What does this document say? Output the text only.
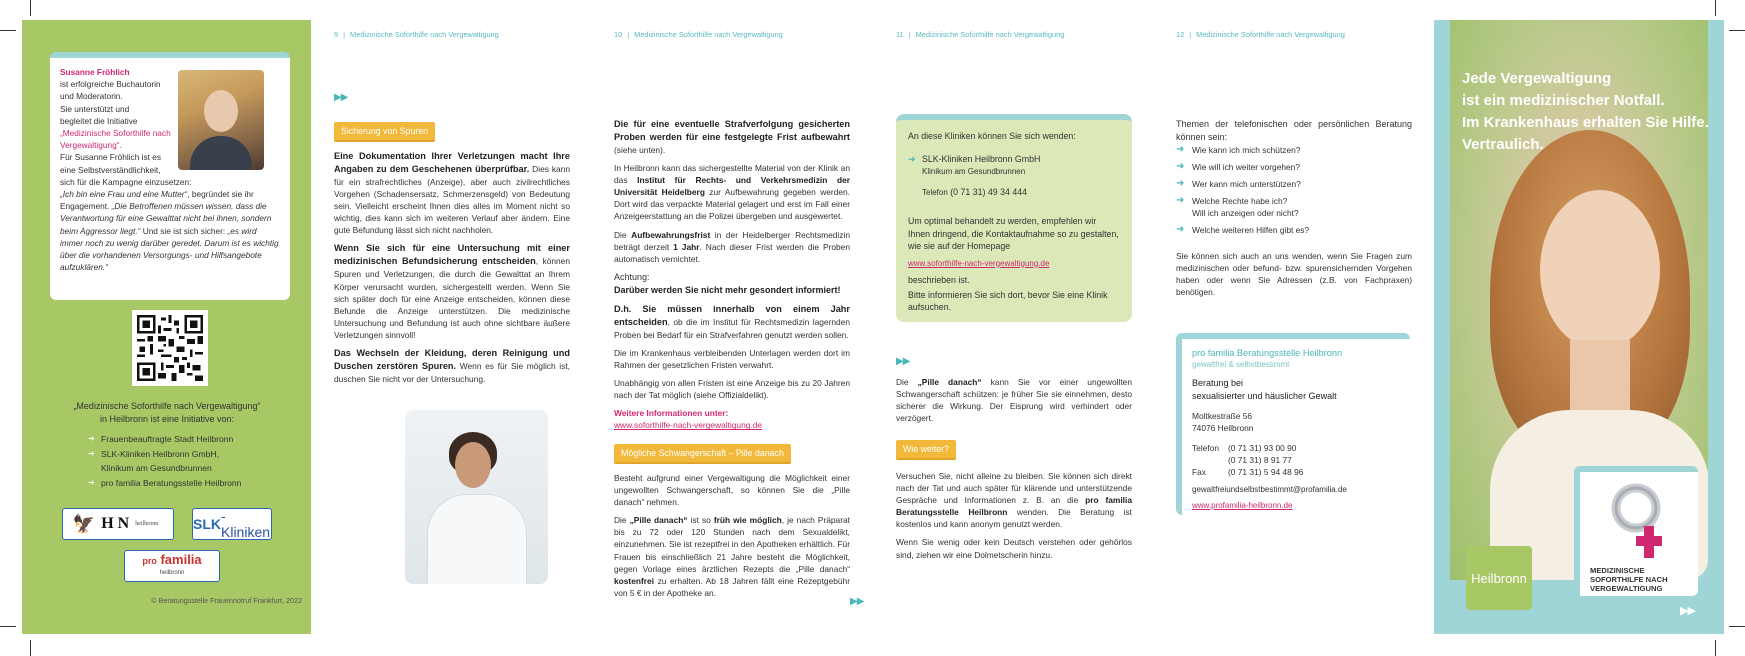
Susanne Fröhlich
ist erfolgreiche Buchautorin
und Moderatorin.
Sie unterstützt und
begleitet die Initiative
„Medizinische Soforthilfe nach Vergewaltigung“.
Für Susanne Fröhlich ist es
eine Selbstverständlichkeit,
sich für die Kampagne einzusetzen:
„Ich bin eine Frau und eine Mutter“, begründet sie ihr Engagement. „Die Betroffenen müssen wissen, dass die Verantwortung für eine Gewalttat nicht bei ihnen, sondern beim Aggressor liegt.“ Und sie ist sich sicher: „es wird immer noch zu wenig darüber geredet. Darum ist es wichtig über die vorhandenen Versorgungs- und Hilfsangebote aufzuklären.“
„Medizinische Soforthilfe nach Vergewaltigung“
in Heilbronn ist eine Initiative von:
➜ Frauenbeauftragte Stadt Heilbronn
➜ SLK-Kliniken Heilbronn GmbH,
Klinikum am Gesundbrunnen
➜ pro familia Beratungsstelle Heilbronn
🦅 H N heilbronn	SLK -Kliniken
pro familia
heilbronn
© Beratungsstelle Frauennotruf Frankfurt, 2022
9 | Medizinische Soforthilfe nach Vergewaltigung
▶▶
Sicherung von Spuren

Eine Dokumentation Ihrer Verletzungen macht Ihre Angaben zu dem Geschehenen überprüfbar. Dies kann für ein strafrechtliches (Anzeige), aber auch zivilrechtliches Vorgehen (Schadensersatz, Schmerzensgeld) von Bedeutung sein. Vielleicht erscheint Ihnen dies alles im Moment nicht so wichtig, dies kann sich im weiteren Verlauf aber ändern. Eine gute Befundung lässt sich nicht nachholen.

Wenn Sie sich für eine Untersuchung mit einer medizinischen Befundsicherung entscheiden, können Spuren und Verletzungen, die durch die Gewalttat an Ihrem Körper verursacht wurden, sichergestellt werden. Wenn Sie sich später doch für eine Anzeige entscheiden, können diese Befunde die Anzeige unterstützen. Die medizinische Untersuchung und Befundung ist auch ohne sichtbare äußere Verletzungen sinnvoll!

Das Wechseln der Kleidung, deren Reinigung und Duschen zerstören Spuren. Wenn es für Sie möglich ist, duschen Sie nicht vor der Untersuchung.

10 | Medizinische Soforthilfe nach Vergewaltigung

Die für eine eventuelle Strafverfolgung gesicherten Proben werden für eine festgelegte Frist aufbewahrt (siehe unten).

In Heilbronn kann das sichergestellte Material von der Klinik an das Institut für Rechts- und Verkehrsmedizin der Universität Heidelberg zur Aufbewahrung gegeben werden. Dort wird das verpackte Material gelagert und erst im Fall einer Anzeigeerstattung an die Polizei übergeben und ausgewertet.

Die Aufbewahrungsfrist in der Heidelberger Rechtsmedizin beträgt derzeit 1 Jahr. Nach dieser Frist werden die Proben automatisch vernichtet.

Achtung:
Darüber werden Sie nicht mehr gesondert informiert!

D.h. Sie müssen innerhalb von einem Jahr entscheiden, ob die im Institut für Rechtsmedizin lagernden Proben bei Bedarf für ein Strafverfahren genutzt werden sollen.

Die im Krankenhaus verbleibenden Unterlagen werden dort im Rahmen der gesetzlichen Fristen verwahrt.

Unabhängig von allen Fristen ist eine Anzeige bis zu 20 Jahren nach der Tat möglich (siehe Offizialdelikt).

Weitere Informationen unter:
www.soforthilfe-nach-vergewaltigung.de

Mögliche Schwangerschaft – Pille danach

Besteht aufgrund einer Vergewaltigung die Möglichkeit einer ungewollten Schwangerschaft, so können Sie die „Pille danach“ nehmen.

Die „Pille danach“ ist so früh wie möglich, je nach Präparat bis zu 72 oder 120 Stunden nach dem Sexualdelikt, einzunehmen. Sie ist rezeptfrei in den Apotheken erhältlich. Für Frauen bis einschließlich 21 Jahre besteht die Möglichkeit, gegen Vorlage eines ärztlichen Rezepts die „Pille danach“ kostenfrei zu erhalten. Ab 18 Jahren fällt eine Rezeptgebühr von 5 € in der Apotheke an.

▶▶
11 | Medizinische Soforthilfe nach Vergewaltigung
An diese Kliniken können Sie sich wenden:
➜ SLK-Kliniken Heilbronn GmbH
Klinikum am Gesundbrunnen
Telefon (0 71 31) 49 34 444

Um optimal behandelt zu werden, empfehlen wir Ihnen dringend, die Kontaktaufnahme so zu gestalten, wie sie auf der Homepage

www.soforthilfe-nach-vergewaltigung.de

beschrieben ist.

Bitte informieren Sie sich dort, bevor Sie eine Klinik aufsuchen.

▶▶

Die „Pille danach“ kann Sie vor einer ungewollten Schwangerschaft schützen: je früher Sie sie einnehmen, desto sicherer die Wirkung. Der Eisprung wird verhindert oder verzögert.

Wie weiter?

Versuchen Sie, nicht alleine zu bleiben. Sie können sich direkt nach der Tat und auch später für klärende und unterstützende Gespräche und Informationen z. B. an die pro familia Beratungsstelle Heilbronn wenden. Die Beratung ist kostenlos und kann anonym genutzt werden.

Wenn Sie wenig oder kein Deutsch verstehen oder gehörlos sind, ziehen wir eine Dolmetscherin hinzu.

12 | Medizinische Soforthilfe nach Vergewaltigung
Themen der telefonischen oder persönlichen Beratung können sein:
➜ Wie kann ich mich schützen?
➜ Wie will ich weiter vorgehen?
➜ Wer kann mich unterstützen?
➜ Welche Rechte habe ich?
Will ich anzeigen oder nicht?
➜ Welche weiteren Hilfen gibt es?
Sie können sich auch an uns wenden, wenn Sie Fragen zum medizinischen oder befund- bzw. spurensichernden Vorgehen haben oder wenn Sie Adressen (z.B. von Fachpraxen) benötigen.
pro familia Beratungsstelle Heilbronn
gewaltfrei & selbstbestimmt
Beratung bei
sexualisierter und häuslicher Gewalt
Moltkestraße 56
74076 Heilbronn
Telefon	(0 71 31) 93 00 90
(0 71 31) 8 91 77
Fax	(0 71 31) 5 94 48 96
gewaltfreiundselbstbestimmt@profamilia.de
www.profamilia-heilbronn.de
Jede Vergewaltigung
ist ein medizinischer Notfall.
Im Krankenhaus erhalten Sie Hilfe.
Vertraulich.
Heilbronn	MEDIZINISCHE
SOFORTHILFE NACH
VERGEWALTIGUNG
▶▶
